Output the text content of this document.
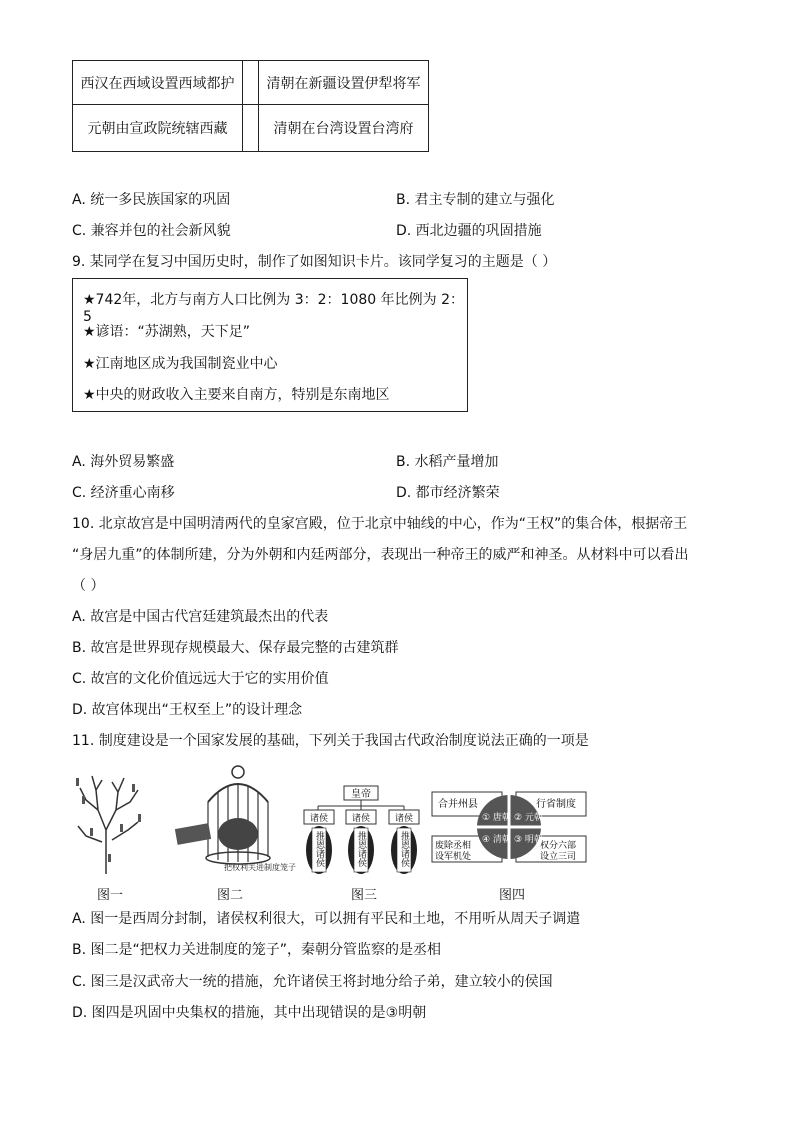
西汉在西域设置西域都护 清朝在新疆设置伊犁将军
元朝由宣政院统辖西藏	清朝在台湾设置台湾府
A. 统一多民族国家的巩固	B. 君主专制的建立与强化
C. 兼容并包的社会新风貌	D. 西北边疆的巩固措施
9. 某同学在复习中国历史时，制作了如图知识卡片。该同学复习的主题是（ ）
★742年，北方与南方人口比例为 3：2：1080 年比例为 2：5
★谚语：“苏湖熟，天下足”
★江南地区成为我国制瓷业中心
★中央的财政收入主要来自南方，特别是东南地区
A. 海外贸易繁盛	B. 水稻产量增加
C. 经济重心南移	D. 都市经济繁荣
10. 北京故宫是中国明清两代的皇家宫殿，位于北京中轴线的中心，作为“王权”的集合体，根据帝王
“身居九重”的体制所建，分为外朝和内廷两部分，表现出一种帝王的威严和神圣。从材料中可以看出
（ ）
A. 故宫是中国古代宫廷建筑最杰出的代表
B. 故宫是世界现存规模最大、保存最完整的古建筑群
C. 故宫的文化价值远远大于它的实用价值
D. 故宫体现出“王权至上”的设计理念
11. 制度建设是一个国家发展的基础，下列关于我国古代政治制度说法正确的一项是
把权利关进制度笼子
皇帝
诸侯	诸侯	诸侯
推恩诸侯	推恩诸侯	推恩诸侯
合并州县	行省制度
废除丞相
设军机处
权分六部
设立三司
① 唐朝 ② 元朝
③ 明朝
④ 清朝
图一	图二	图三	图四
A. 图一是西周分封制，诸侯权利很大，可以拥有平民和土地，不用听从周天子调遣
B. 图二是“把权力关进制度的笼子”，秦朝分管监察的是丞相
C. 图三是汉武帝大一统的措施，允许诸侯王将封地分给子弟，建立较小的侯国
D. 图四是巩固中央集权的措施，其中出现错误的是③明朝
